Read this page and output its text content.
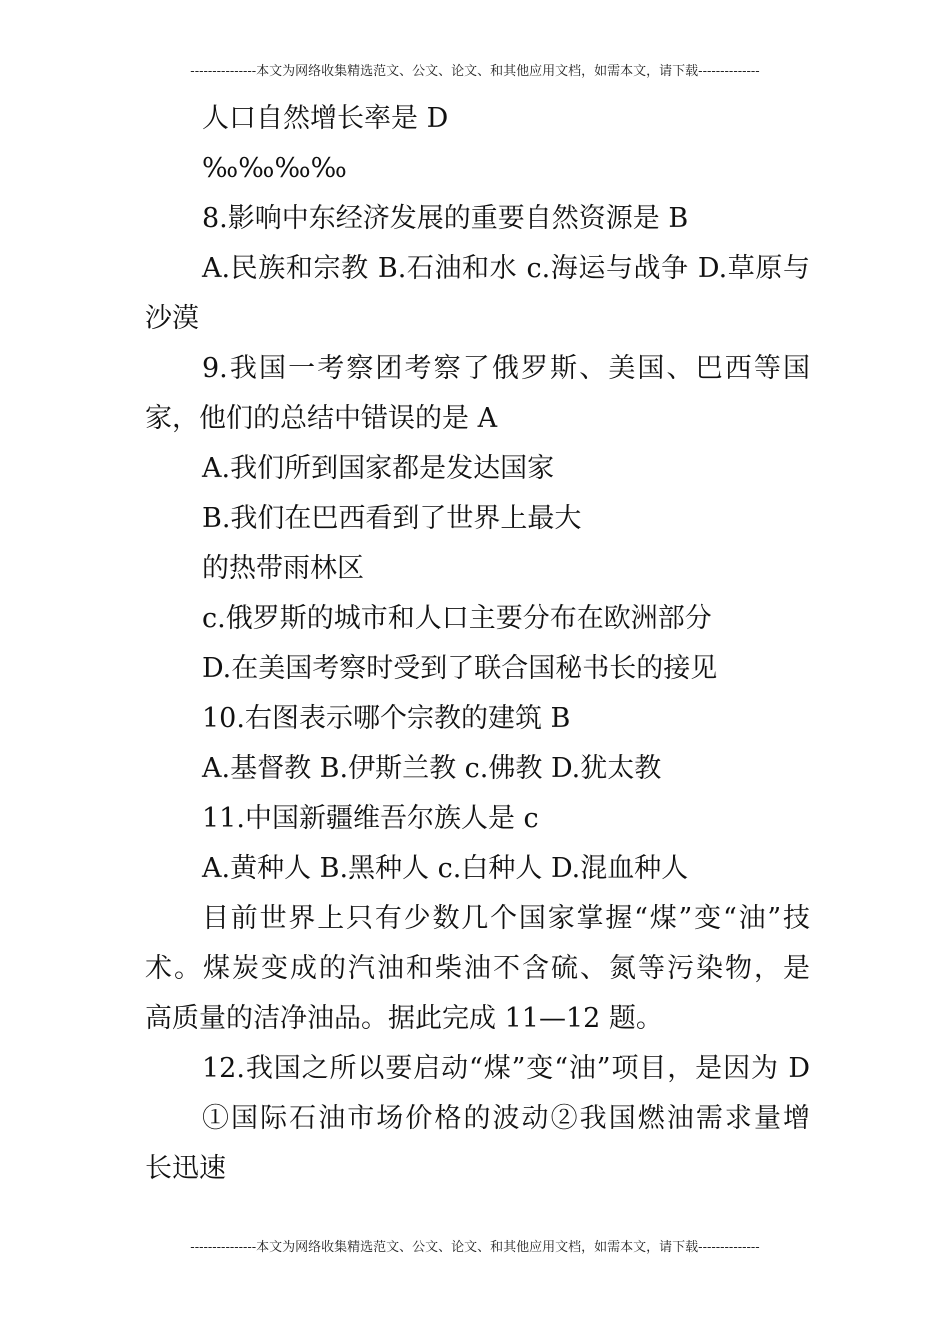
---------------本文为网络收集精选范文、公文、论文、和其他应用文档，如需本文，请下载--------------
人口自然增长率是 D
‰‰‰‰
8.影响中东经济发展的重要自然资源是 B
A.民族和宗教 B.石油和水 c.海运与战争 D.草原与
沙漠
9.我国一考察团考察了俄罗斯、美国、巴西等国
家，他们的总结中错误的是 A
A.我们所到国家都是发达国家
B.我们在巴西看到了世界上最大
的热带雨林区
c.俄罗斯的城市和人口主要分布在欧洲部分
D.在美国考察时受到了联合国秘书长的接见
10.右图表示哪个宗教的建筑 B
A.基督教 B.伊斯兰教 c.佛教 D.犹太教
11.中国新疆维吾尔族人是 c
A.黄种人 B.黑种人 c.白种人 D.混血种人
目前世界上只有少数几个国家掌握“煤”变“油”技
术。煤炭变成的汽油和柴油不含硫、氮等污染物，是
高质量的洁净油品。据此完成 11—12 题。
12.我国之所以要启动“煤”变“油”项目，是因为 D
①国际石油市场价格的波动②我国燃油需求量增
长迅速
---------------本文为网络收集精选范文、公文、论文、和其他应用文档，如需本文，请下载--------------
